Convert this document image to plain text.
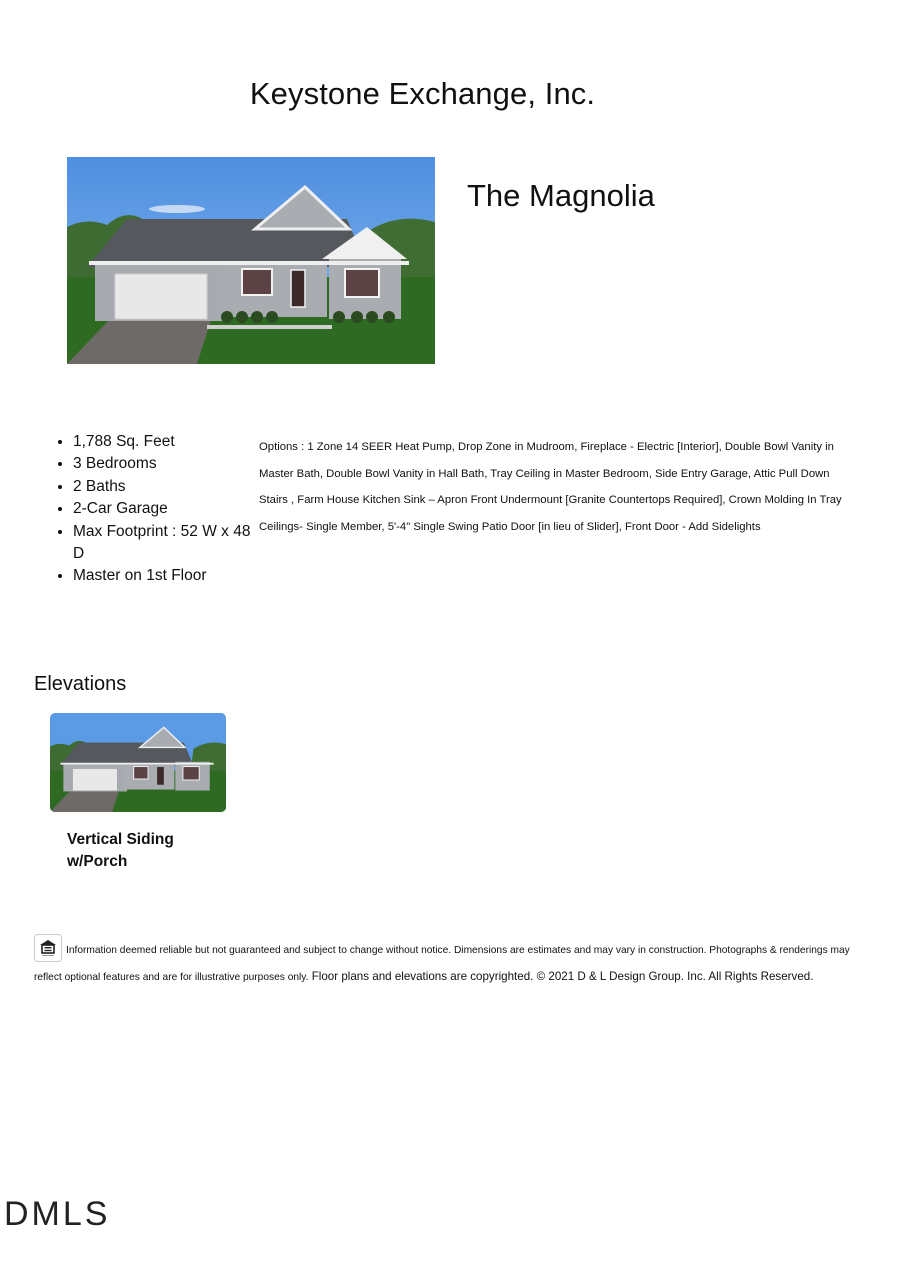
Keystone Exchange, Inc.
The Magnolia
• 1,788 Sq. Feet
• 3 Bedrooms
• 2 Baths
• 2-Car Garage
• Max Footprint : 52 W x 48 D
• Master on 1st Floor
Options : 1 Zone 14 SEER Heat Pump, Drop Zone in Mudroom, Fireplace - Electric [Interior], Double Bowl Vanity in Master Bath, Double Bowl Vanity in Hall Bath, Tray Ceiling in Master Bedroom, Side Entry Garage, Attic Pull Down Stairs , Farm House Kitchen Sink – Apron Front Undermount [Granite Countertops Required], Crown Molding In Tray Ceilings- Single Member, 5'-4" Single Swing Patio Door [in lieu of Slider], Front Door - Add Sidelights
Elevations
Vertical Siding w/Porch
Information deemed reliable but not guaranteed and subject to change without notice. Dimensions are estimates and may vary in construction. Photographs & renderings may reflect optional features and are for illustrative purposes only. Floor plans and elevations are copyrighted. © 2021 D & L Design Group. Inc. All Rights Reserved.
DMLS
